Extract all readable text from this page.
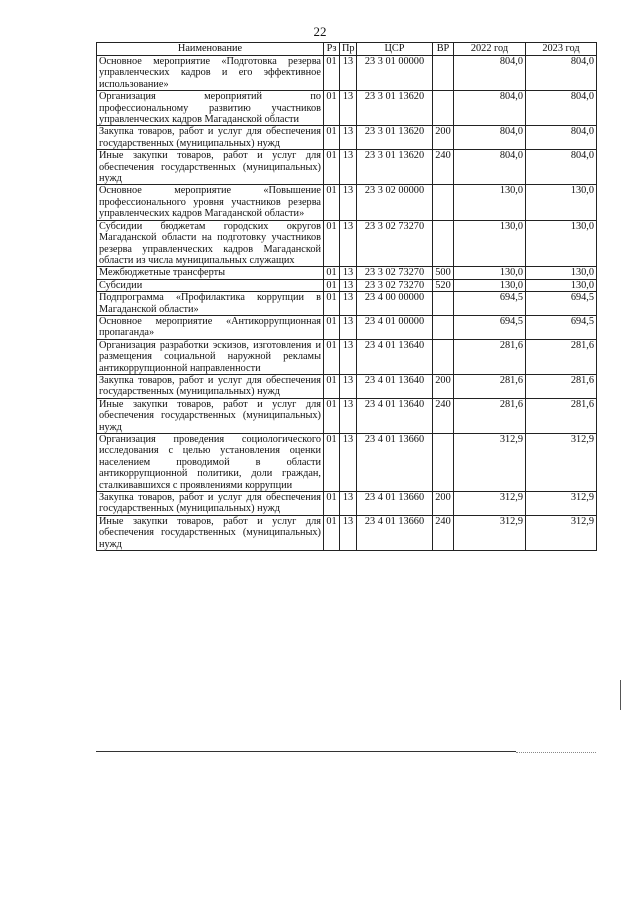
22
Наименование	Рз	Пр	ЦСР	ВР	2022 год	2023 год
Основное мероприятие «Подготовка резерва управленческих кадров и его эффективное использование»	01	13	23 3 01 00000		804,0	804,0
Организация мероприятий по профессиональному развитию участников управленческих кадров Магаданской области	01	13	23 3 01 13620		804,0	804,0
Закупка товаров, работ и услуг для обеспечения государственных (муниципальных) нужд	01	13	23 3 01 13620	200	804,0	804,0
Иные закупки товаров, работ и услуг для обеспечения государственных (муниципальных) нужд	01	13	23 3 01 13620	240	804,0	804,0
Основное мероприятие «Повышение профессионального уровня участников резерва управленческих кадров Магаданской области»	01	13	23 3 02 00000		130,0	130,0
Субсидии бюджетам городских округов Магаданской области на подготовку участников резерва управленческих кадров Магаданской области из числа муниципальных служащих	01	13	23 3 02 73270		130,0	130,0
Межбюджетные трансферты	01	13	23 3 02 73270	500	130,0	130,0
Субсидии	01	13	23 3 02 73270	520	130,0	130,0
Подпрограмма «Профилактика коррупции в Магаданской области»	01	13	23 4 00 00000		694,5	694,5
Основное мероприятие «Антикоррупционная пропаганда»	01	13	23 4 01 00000		694,5	694,5
Организация разработки эскизов, изготовления и размещения социальной наружной рекламы антикоррупционной направленности	01	13	23 4 01 13640		281,6	281,6
Закупка товаров, работ и услуг для обеспечения государственных (муниципальных) нужд	01	13	23 4 01 13640	200	281,6	281,6
Иные закупки товаров, работ и услуг для обеспечения государственных (муниципальных) нужд	01	13	23 4 01 13640	240	281,6	281,6
Организация проведения социологического исследования с целью установления оценки населением проводимой в области антикоррупционной политики, доли граждан, сталкивавшихся с проявлениями коррупции	01	13	23 4 01 13660		312,9	312,9
Закупка товаров, работ и услуг для обеспечения государственных (муниципальных) нужд	01	13	23 4 01 13660	200	312,9	312,9
Иные закупки товаров, работ и услуг для обеспечения государственных (муниципальных) нужд	01	13	23 4 01 13660	240	312,9	312,9
